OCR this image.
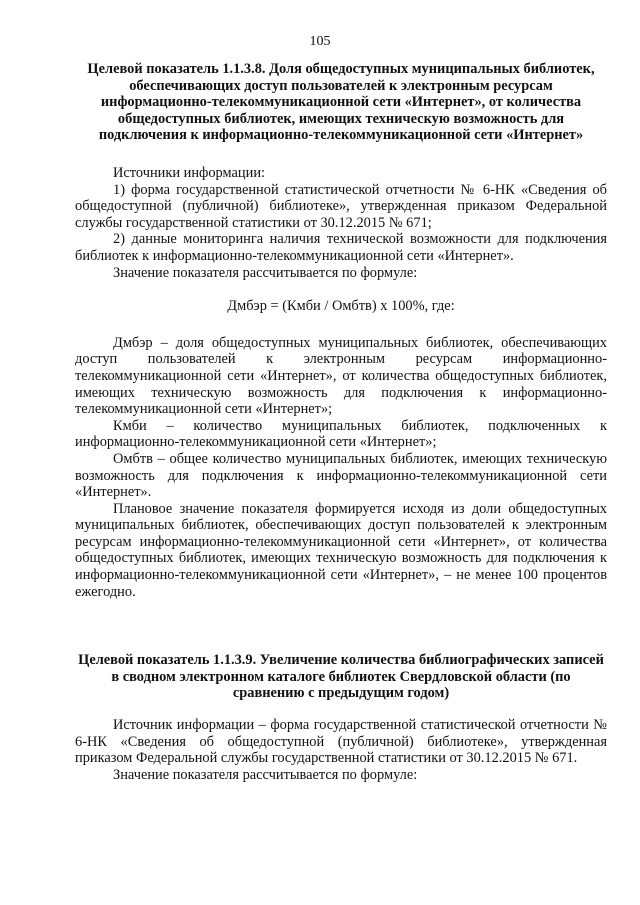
105
Целевой показатель 1.1.3.8. Доля общедоступных муниципальных библиотек, обеспечивающих доступ пользователей к электронным ресурсам информационно-телекоммуникационной сети «Интернет», от количества общедоступных библиотек, имеющих техническую возможность для подключения к информационно-телекоммуникационной сети «Интернет»

Источники информации:

1) форма государственной статистической отчетности № 6-НК «Сведения об общедоступной (публичной) библиотеке», утвержденная приказом Федеральной службы государственной статистики от 30.12.2015 № 671;

2) данные мониторинга наличия технической возможности для подключения библиотек к информационно-телекоммуникационной сети «Интернет».

Значение показателя рассчитывается по формуле:

Дмбэр = (Кмби / Омбтв) x 100%, где:

Дмбэр – доля общедоступных муниципальных библиотек, обеспечивающих доступ пользователей к электронным ресурсам информационно-телекоммуникационной сети «Интернет», от количества общедоступных библиотек, имеющих техническую возможность для подключения к информационно-телекоммуникационной сети «Интернет»;

Кмби – количество муниципальных библиотек, подключенных к информационно-телекоммуникационной сети «Интернет»;

Омбтв – общее количество муниципальных библиотек, имеющих техническую возможность для подключения к информационно-телекоммуникационной сети «Интернет».

Плановое значение показателя формируется исходя из доли общедоступных муниципальных библиотек, обеспечивающих доступ пользователей к электронным ресурсам информационно-телекоммуникационной сети «Интернет», от количества общедоступных библиотек, имеющих техническую возможность для подключения к информационно-телекоммуникационной сети «Интернет», – не менее 100 процентов ежегодно.

Целевой показатель 1.1.3.9. Увеличение количества библиографических записей в сводном электронном каталоге библиотек Свердловской области (по сравнению с предыдущим годом)

Источник информации – форма государственной статистической отчетности № 6-НК «Сведения об общедоступной (публичной) библиотеке», утвержденная приказом Федеральной службы государственной статистики от 30.12.2015 № 671.

Значение показателя рассчитывается по формуле:
